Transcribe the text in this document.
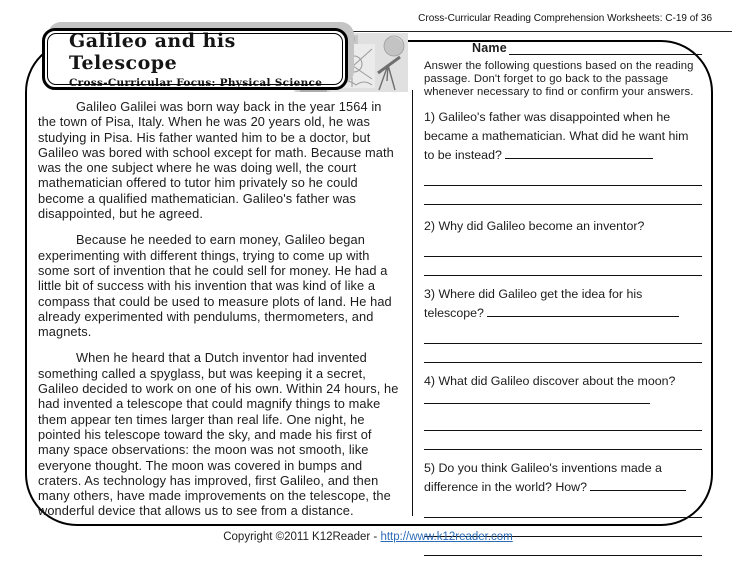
Cross-Curricular Reading Comprehension Worksheets: C-19 of 36
Galileo and his Telescope
Cross-Curricular Focus: Physical Science

Galileo Galilei was born way back in the year 1564 in the town of Pisa, Italy. When he was 20 years old, he was studying in Pisa. His father wanted him to be a doctor, but Galileo was bored with school except for math. Because math was the one subject where he was doing well, the court mathematician offered to tutor him privately so he could become a qualified mathematician. Galileo's father was disappointed, but he agreed.

Because he needed to earn money, Galileo began experimenting with different things, trying to come up with some sort of invention that he could sell for money. He had a little bit of success with his invention that was kind of like a compass that could be used to measure plots of land. He had already experimented with pendulums, thermometers, and magnets.

When he heard that a Dutch inventor had invented something called a spyglass, but was keeping it a secret, Galileo decided to work on one of his own. Within 24 hours, he had invented a telescope that could magnify things to make them appear ten times larger than real life. One night, he pointed his telescope toward the sky, and made his first of many space observations: the moon was not smooth, like everyone thought. The moon was covered in bumps and craters. As technology has improved, first Galileo, and then many others, have made improvements on the telescope, the wonderful device that allows us to see from a distance.

Name
Answer the following questions based on the reading passage. Don't forget to go back to the passage whenever necessary to find or confirm your answers.
1) Galileo's father was disappointed when he became a mathematician. What did he want him to be instead?
2) Why did Galileo become an inventor?
3) Where did Galileo get the idea for his telescope?
4) What did Galileo discover about the moon?
5) Do you think Galileo's inventions made a difference in the world? How?
Copyright ©2011 K12Reader - http://www.k12reader.com
